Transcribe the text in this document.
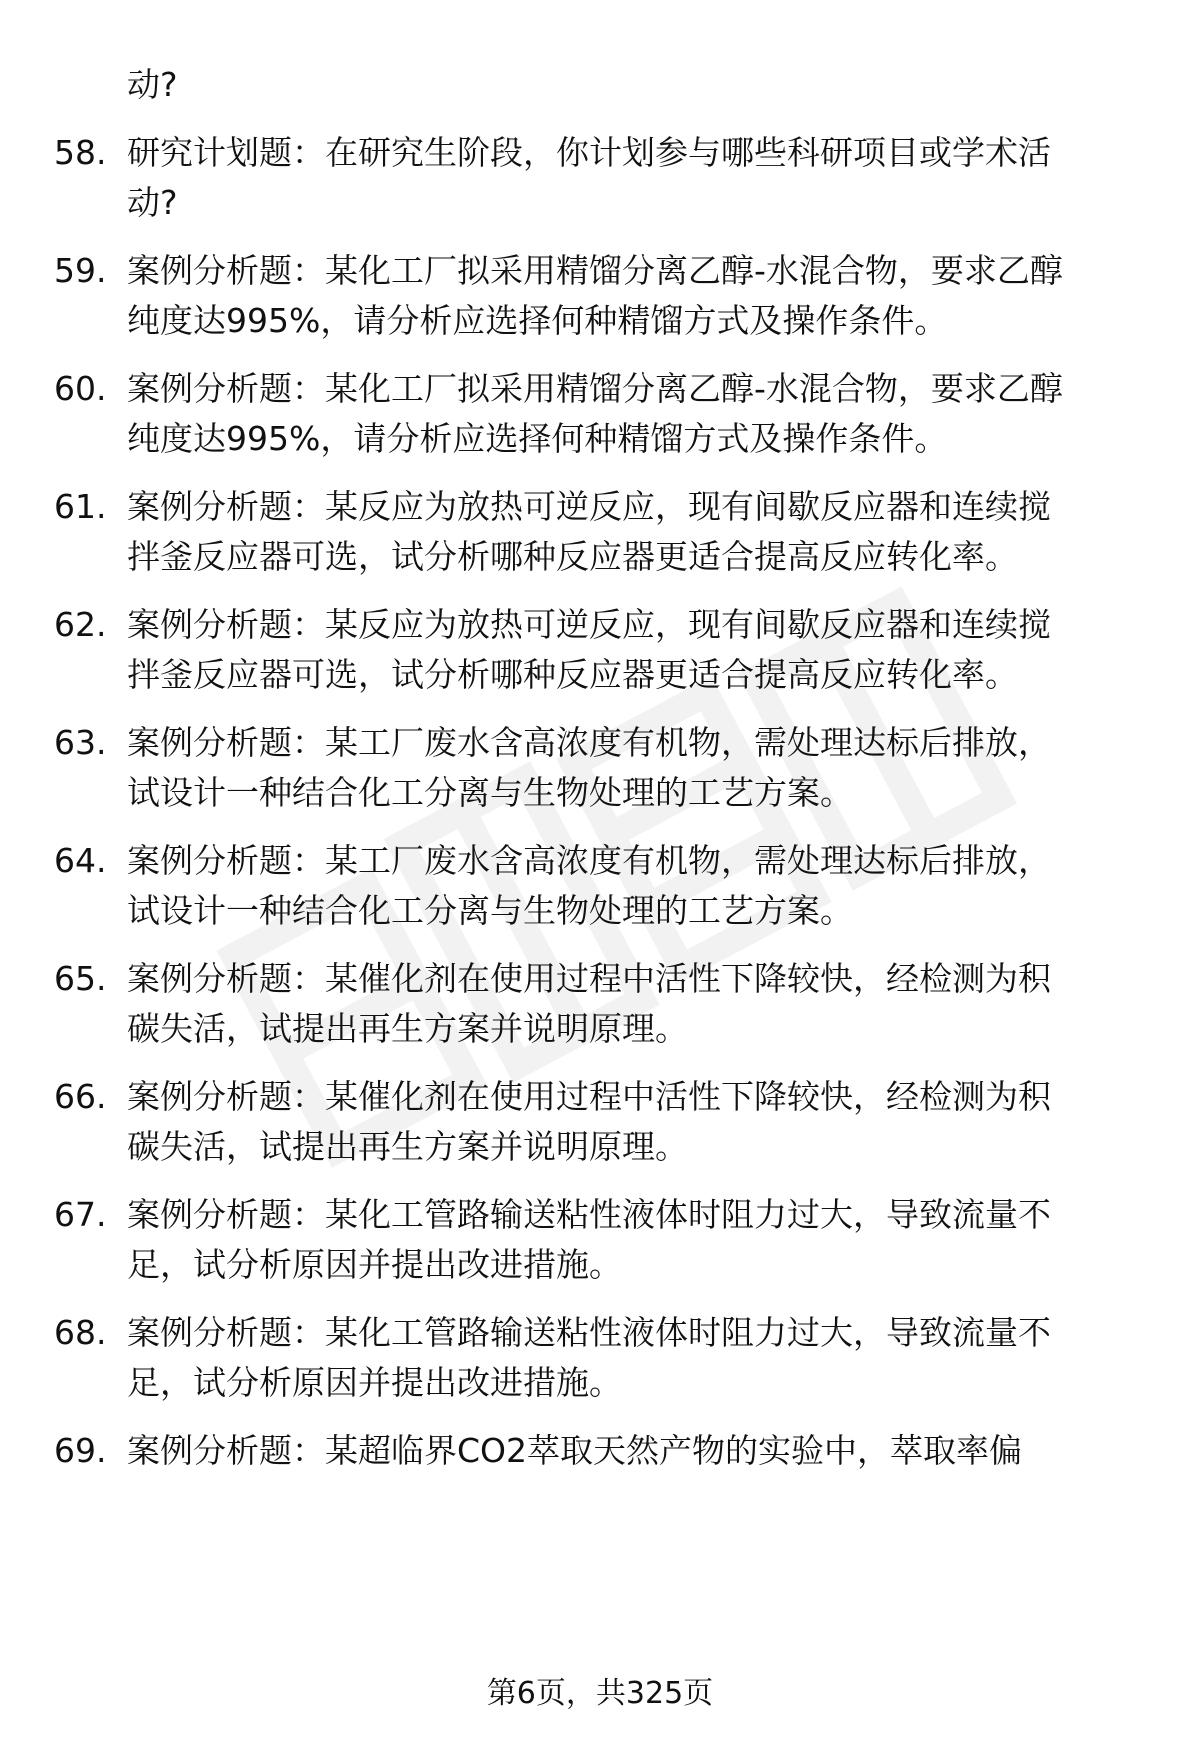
动?
58. 研究计划题：在研究生阶段，你计划参与哪些科研项目或学术活
动?
59. 案例分析题：某化工厂拟采用精馏分离乙醇-水混合物，要求乙醇
纯度达995%，请分析应选择何种精馏方式及操作条件。
60. 案例分析题：某化工厂拟采用精馏分离乙醇-水混合物，要求乙醇
纯度达995%，请分析应选择何种精馏方式及操作条件。
61. 案例分析题：某反应为放热可逆反应，现有间歇反应器和连续搅
拌釜反应器可选，试分析哪种反应器更适合提高反应转化率。
62. 案例分析题：某反应为放热可逆反应，现有间歇反应器和连续搅
拌釜反应器可选，试分析哪种反应器更适合提高反应转化率。
63. 案例分析题：某工厂废水含高浓度有机物，需处理达标后排放，
试设计一种结合化工分离与生物处理的工艺方案。
64. 案例分析题：某工厂废水含高浓度有机物，需处理达标后排放，
试设计一种结合化工分离与生物处理的工艺方案。
65. 案例分析题：某催化剂在使用过程中活性下降较快，经检测为积
碳失活，试提出再生方案并说明原理。
66. 案例分析题：某催化剂在使用过程中活性下降较快，经检测为积
碳失活，试提出再生方案并说明原理。
67. 案例分析题：某化工管路输送粘性液体时阻力过大，导致流量不
足，试分析原因并提出改进措施。
68. 案例分析题：某化工管路输送粘性液体时阻力过大，导致流量不
足，试分析原因并提出改进措施。
69. 案例分析题：某超临界CO2萃取天然产物的实验中，萃取率偏
第6页，共325页
